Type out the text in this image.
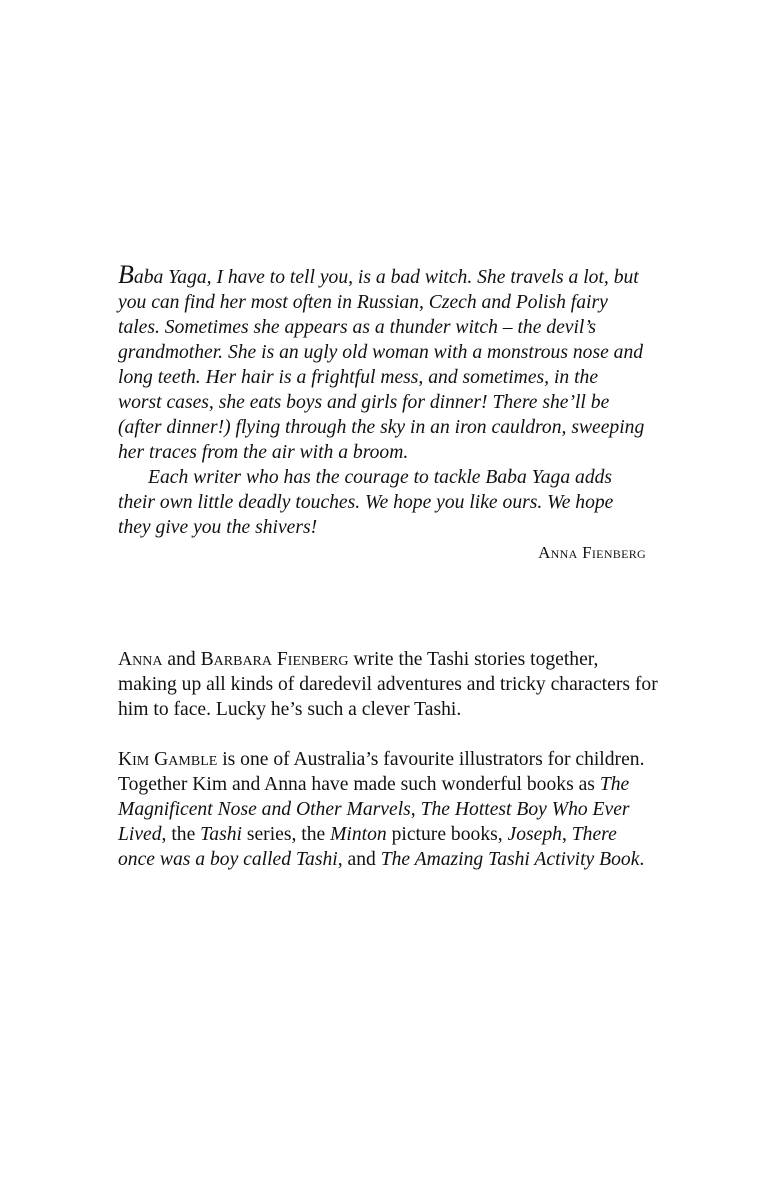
Baba Yaga, I have to tell you, is a bad witch. She travels a lot, but you can find her most often in Russian, Czech and Polish fairy tales. Sometimes she appears as a thunder witch – the devil’s grandmother. She is an ugly old woman with a monstrous nose and long teeth. Her hair is a frightful mess, and sometimes, in the worst cases, she eats boys and girls for dinner! There she’ll be (after dinner!) flying through the sky in an iron cauldron, sweeping her traces from the air with a broom.

Each writer who has the courage to tackle Baba Yaga adds their own little deadly touches. We hope you like ours. We hope they give you the shivers!

Anna Fienberg

Anna and Barbara Fienberg write the Tashi stories together, making up all kinds of daredevil adventures and tricky characters for him to face. Lucky he’s such a clever Tashi.

Kim Gamble is one of Australia’s favourite illustrators for children. Together Kim and Anna have made such wonderful books as The Magnificent Nose and Other Marvels, The Hottest Boy Who Ever Lived, the Tashi series, the Minton picture books, Joseph, There once was a boy called Tashi, and The Amazing Tashi Activity Book.
